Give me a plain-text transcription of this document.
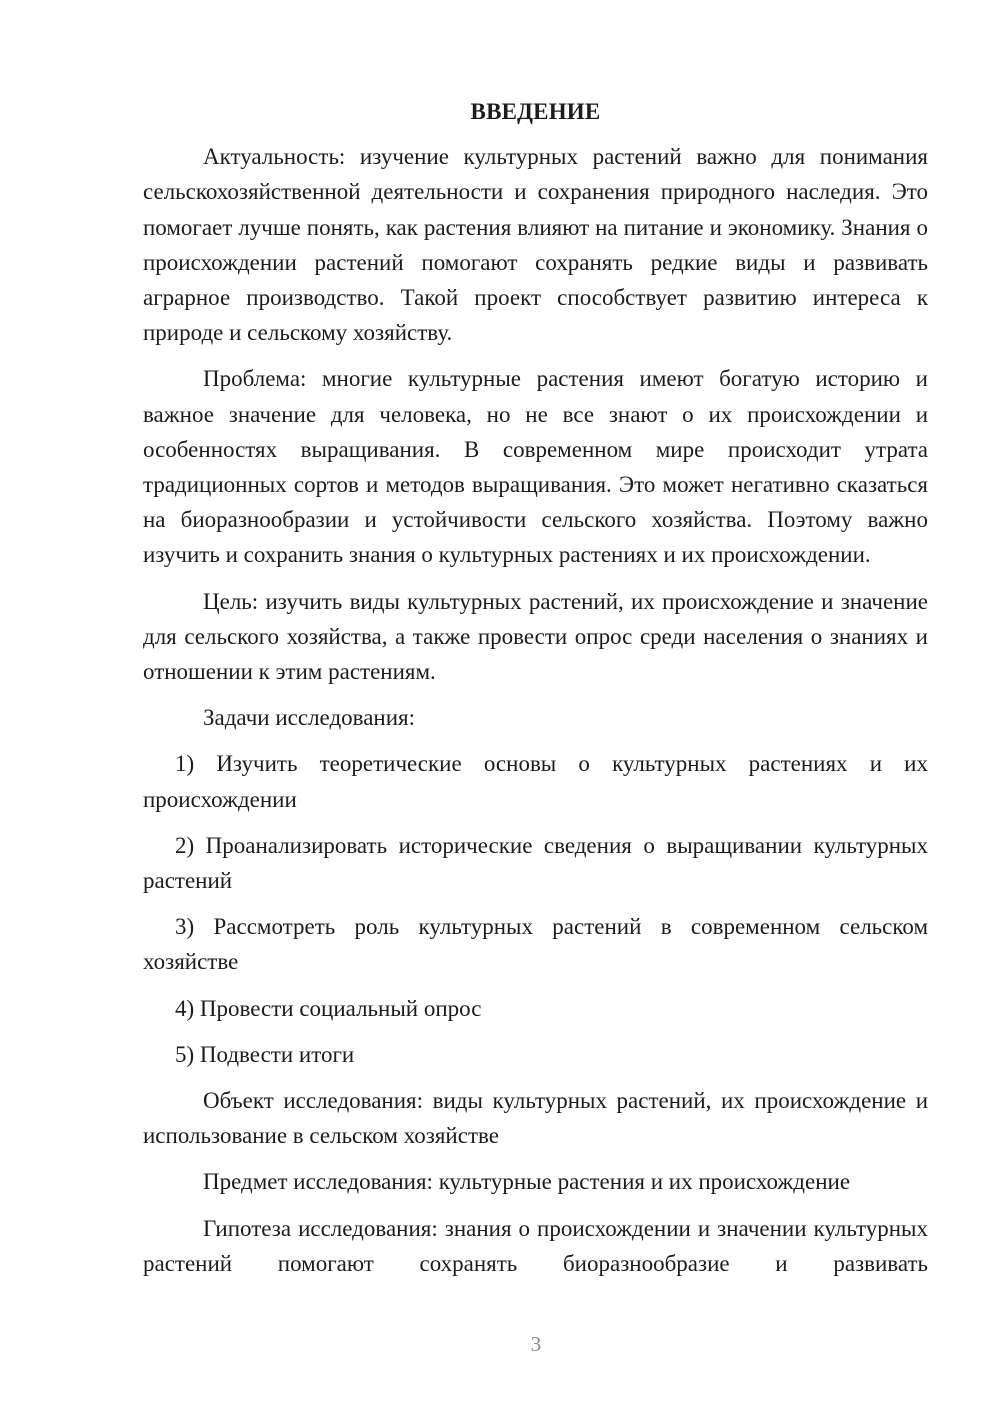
ВВЕДЕНИЕ

Актуальность: изучение культурных растений важно для понимания сельскохозяйственной деятельности и сохранения природного наследия. Это помогает лучше понять, как растения влияют на питание и экономику. Знания о происхождении растений помогают сохранять редкие виды и развивать аграрное производство. Такой проект способствует развитию интереса к природе и сельскому хозяйству.

Проблема: многие культурные растения имеют богатую историю и важное значение для человека, но не все знают о их происхождении и особенностях выращивания. В современном мире происходит утрата традиционных сортов и методов выращивания. Это может негативно сказаться на биоразнообразии и устойчивости сельского хозяйства. Поэтому важно изучить и сохранить знания о культурных растениях и их происхождении.

Цель: изучить виды культурных растений, их происхождение и значение для сельского хозяйства, а также провести опрос среди населения о знаниях и отношении к этим растениям.

Задачи исследования:

1) Изучить теоретические основы о культурных растениях и их происхождении

2) Проанализировать исторические сведения о выращивании культурных растений

3) Рассмотреть роль культурных растений в современном сельском хозяйстве

4) Провести социальный опрос

5) Подвести итоги

Объект исследования: виды культурных растений, их происхождение и использование в сельском хозяйстве

Предмет исследования: культурные растения и их происхождение

Гипотеза исследования: знания о происхождении и значении культурных растений помогают сохранять биоразнообразие и развивать

3
